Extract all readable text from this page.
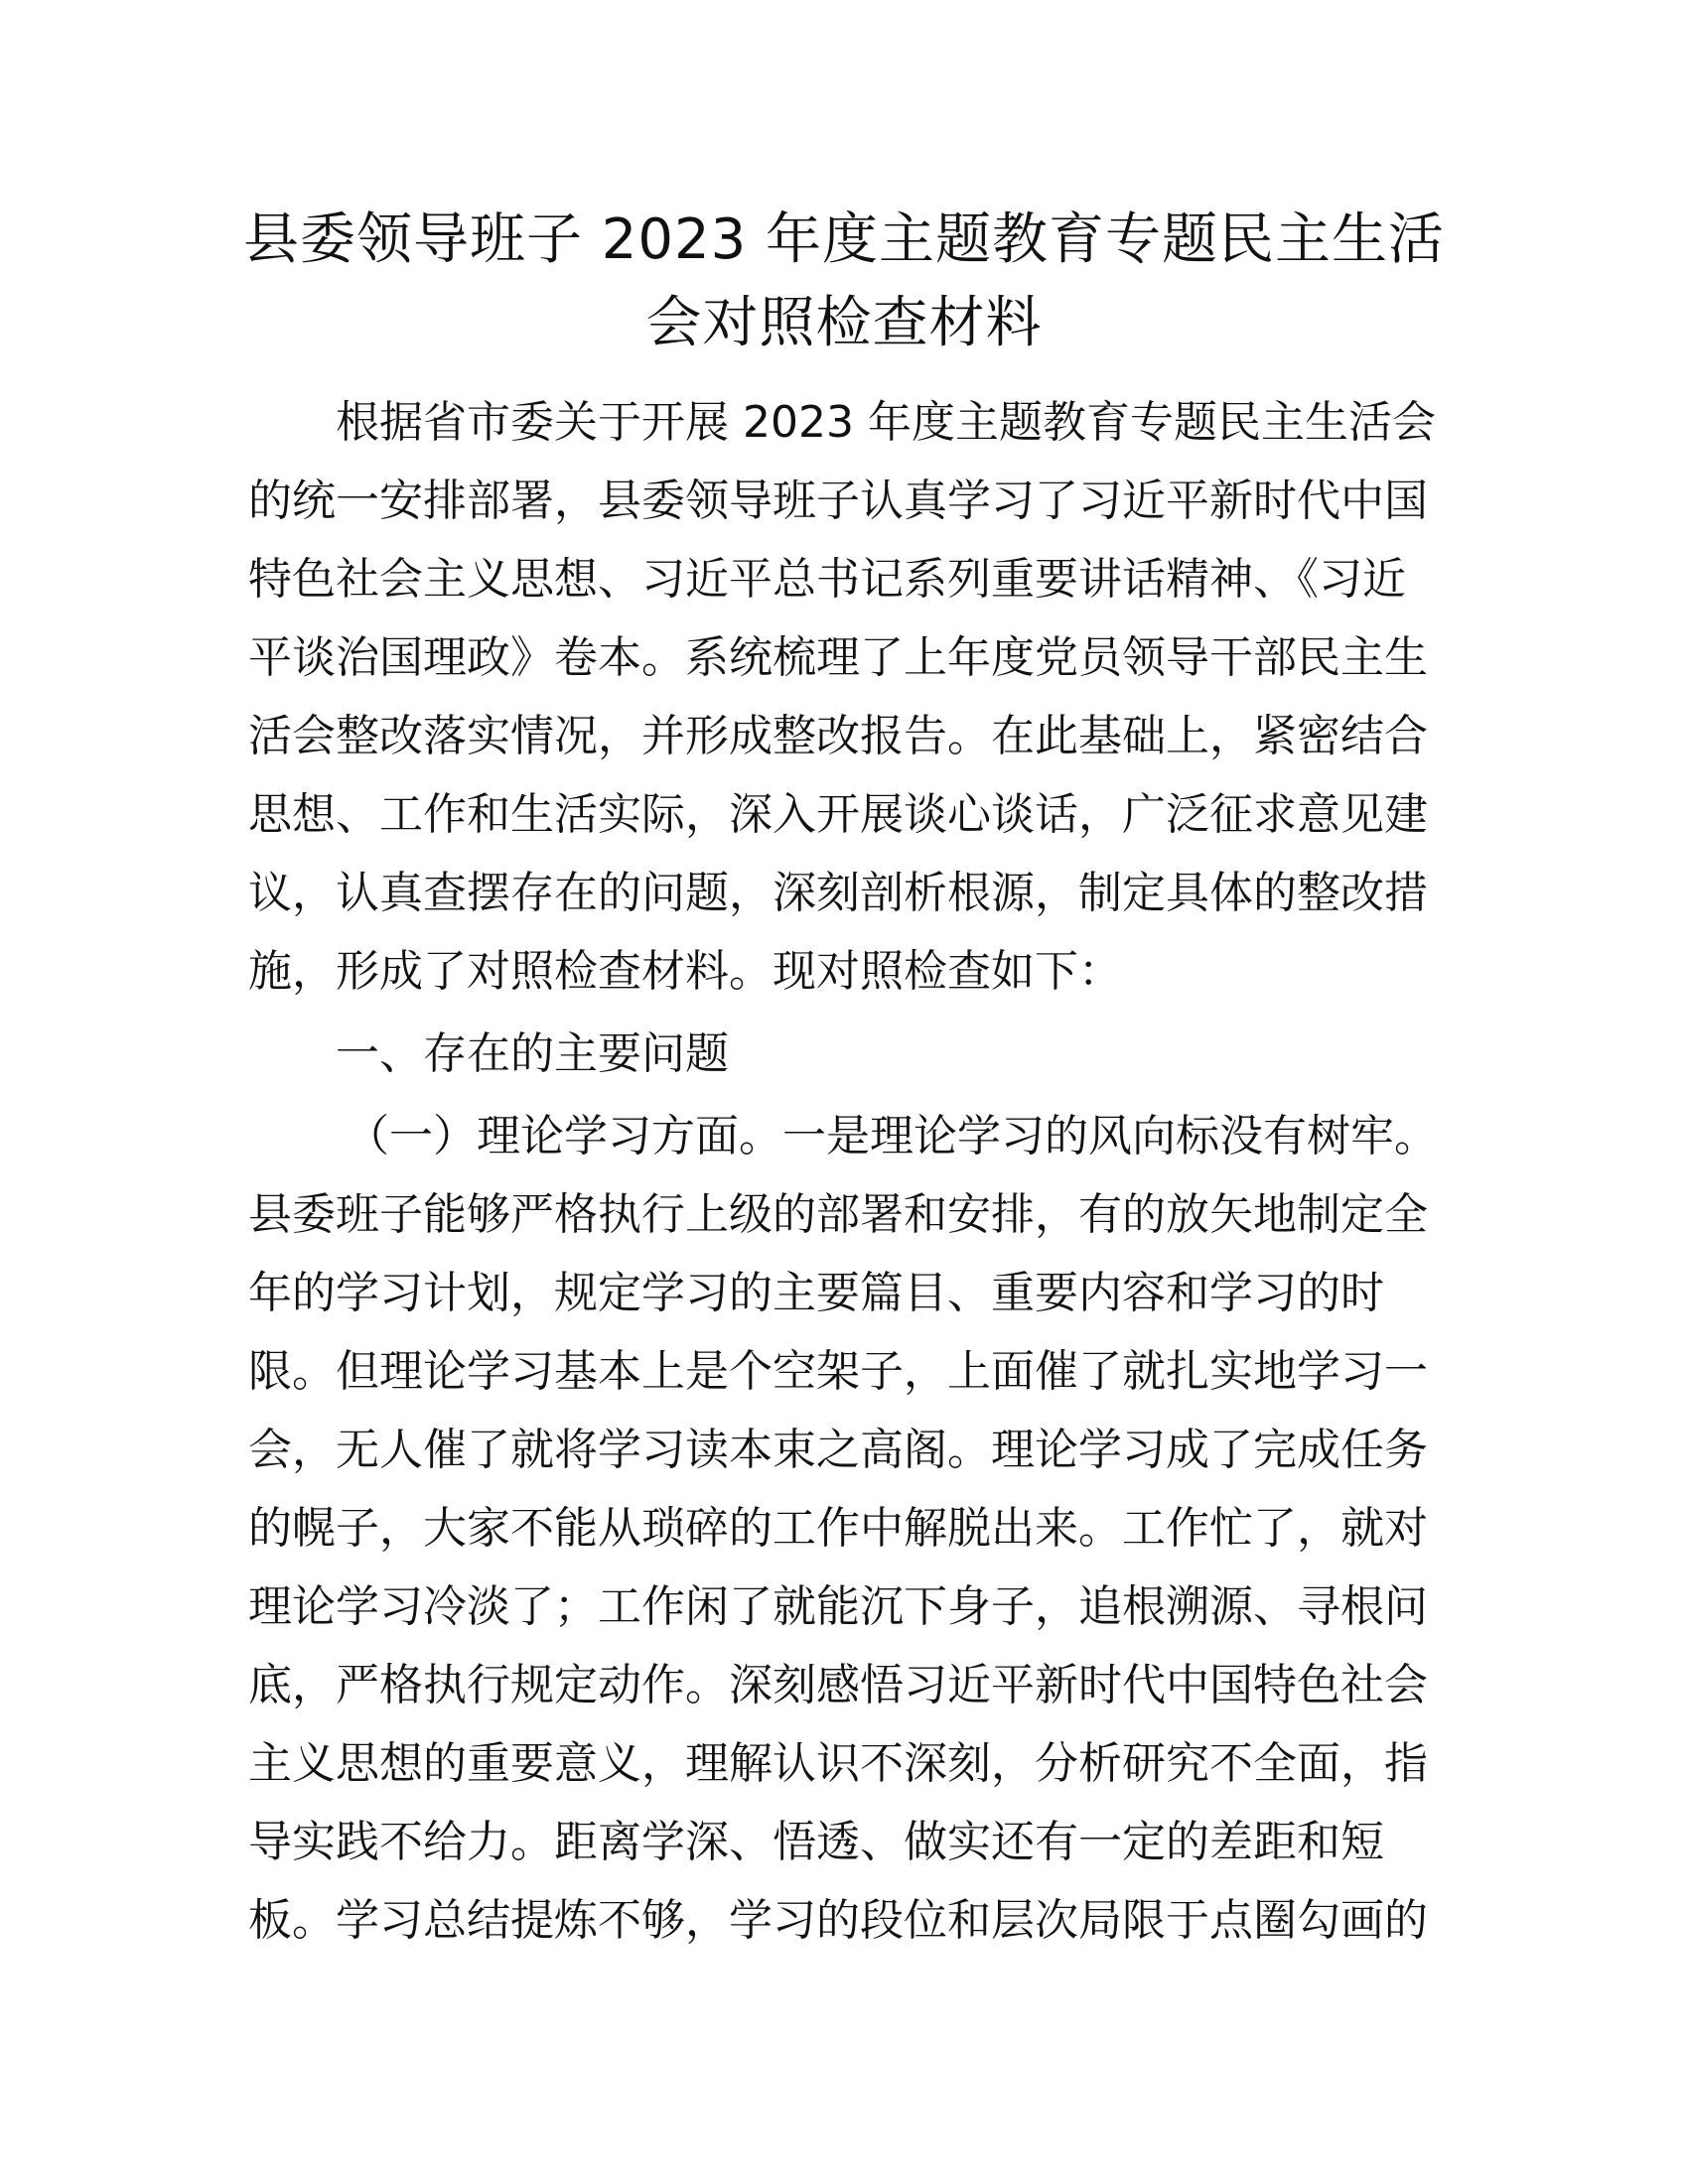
县委领导班子 2023 年度主题教育专题民主生活
会对照检查材料
根据省市委关于开展 2023 年度主题教育专题民主生活会
的统一安排部署，县委领导班子认真学习了习近平新时代中国
特色社会主义思想、习近平总书记系列重要讲话精神、《习近
平谈治国理政》卷本。系统梳理了上年度党员领导干部民主生
活会整改落实情况，并形成整改报告。在此基础上，紧密结合
思想、工作和生活实际，深入开展谈心谈话，广泛征求意见建
议，认真查摆存在的问题，深刻剖析根源，制定具体的整改措
施，形成了对照检查材料。现对照检查如下：
一、存在的主要问题
（一）理论学习方面。一是理论学习的风向标没有树牢。
县委班子能够严格执行上级的部署和安排，有的放矢地制定全
年的学习计划，规定学习的主要篇目、重要内容和学习的时
限。但理论学习基本上是个空架子，上面催了就扎实地学习一
会，无人催了就将学习读本束之高阁。理论学习成了完成任务
的幌子，大家不能从琐碎的工作中解脱出来。工作忙了，就对
理论学习冷淡了；工作闲了就能沉下身子，追根溯源、寻根问
底，严格执行规定动作。深刻感悟习近平新时代中国特色社会
主义思想的重要意义，理解认识不深刻，分析研究不全面，指
导实践不给力。距离学深、悟透、做实还有一定的差距和短
板。学习总结提炼不够，学习的段位和层次局限于点圈勾画的
